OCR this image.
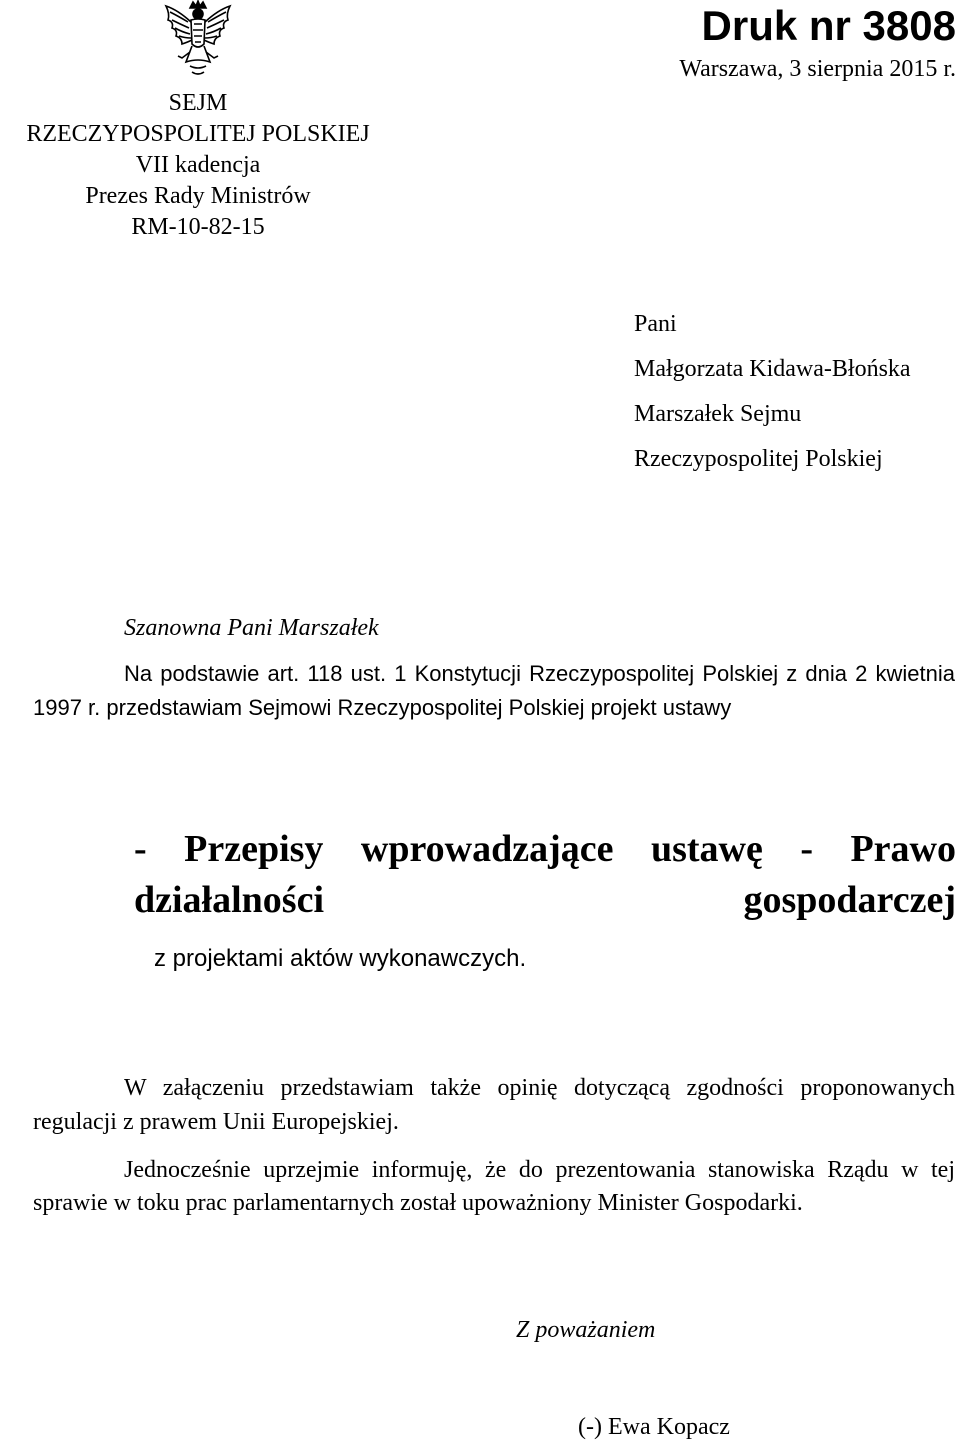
SEJM
RZECZYPOSPOLITEJ POLSKIEJ
VII kadencja
Prezes Rady Ministrów
RM-10-82-15
Druk nr 3808
Warszawa, 3 sierpnia 2015 r.
Pani
Małgorzata Kidawa-Błońska
Marszałek Sejmu
Rzeczypospolitej Polskiej
Szanowna Pani Marszałek
Na podstawie art. 118 ust. 1 Konstytucji Rzeczypospolitej Polskiej z dnia 2 kwietnia 1997 r. przedstawiam Sejmowi Rzeczypospolitej Polskiej projekt ustawy
- Przepisy wprowadzające ustawę - Prawo działalności gospodarczej
z projektami aktów wykonawczych.
W załączeniu przedstawiam także opinię dotyczącą zgodności proponowanych regulacji z prawem Unii Europejskiej.
Jednocześnie uprzejmie informuję, że do prezentowania stanowiska Rządu w tej sprawie w toku prac parlamentarnych został upoważniony Minister Gospodarki.
Z poważaniem
(-) Ewa Kopacz
